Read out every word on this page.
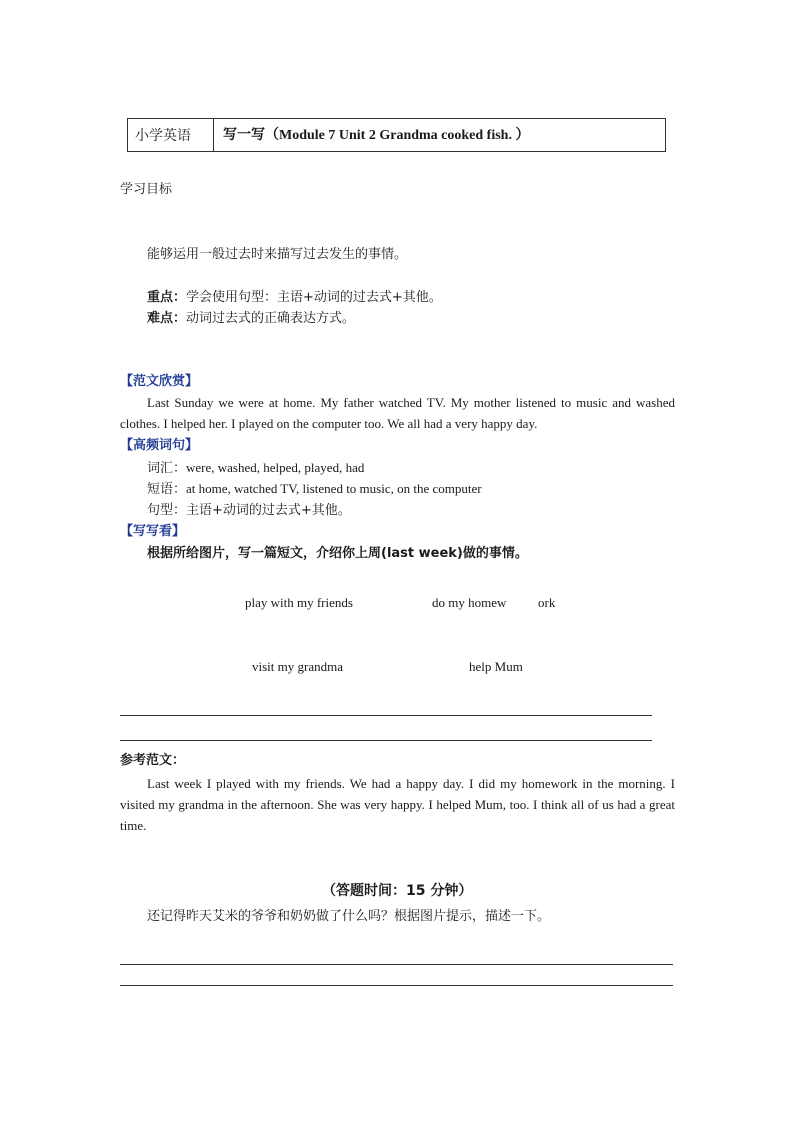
小学英语	写一写（Module 7 Unit 2 Grandma cooked fish. ）
学习目标
能够运用一般过去时来描写过去发生的事情。
重点：学会使用句型：主语+动词的过去式+其他。
难点：动词过去式的正确表达方式。
【范文欣赏】
Last Sunday we were at home. My father watched TV. My mother listened to music and washed clothes. I helped her. I played on the computer too. We all had a very happy day.
【高频词句】
词汇：were, washed, helped, played, had
短语：at home, watched TV, listened to music, on the computer
句型：主语+动词的过去式+其他。
【写写看】
根据所给图片，写一篇短文，介绍你上周(last week)做的事情。
play with my friends	do my homew ork
visit my grandma	help Mum
参考范文：
Last week I played with my friends. We had a happy day. I did my homework in the morning. I visited my grandma in the afternoon. She was very happy. I helped Mum, too. I think all of us had a great time.
（答题时间：15 分钟）
还记得昨天艾米的爷爷和奶奶做了什么吗？根据图片提示，描述一下。
